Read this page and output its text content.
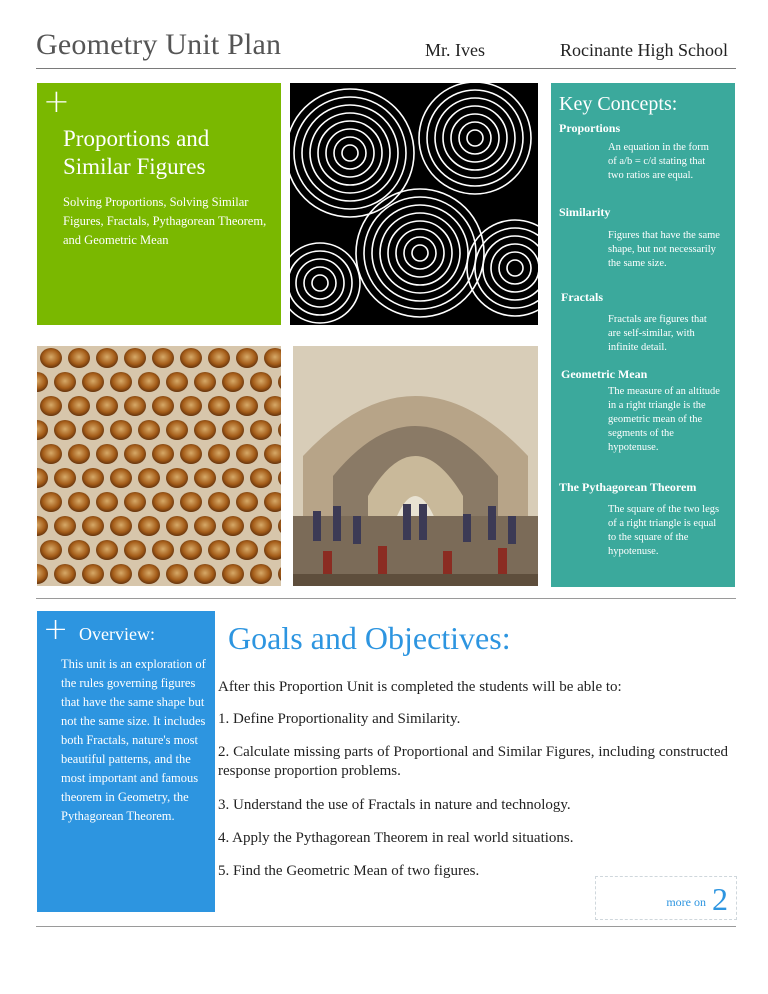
Geometry Unit Plan	Mr. Ives	Rocinante High School
+
Proportions and Similar Figures
Solving Proportions, Solving Similar Figures, Fractals, Pythagorean Theorem, and Geometric Mean
Key Concepts:
Proportions
An equation in the form of a/b = c/d stating that two ratios are equal.
Similarity
Figures that have the same shape, but not necessarily the same size.
Fractals
Fractals are figures that are self-similar, with infinite detail.
Geometric Mean
The measure of an altitude in a right triangle is the geometric mean of the segments of the hypotenuse.
The Pythagorean Theorem
The square of the two legs of a right triangle is equal to the square of the hypotenuse.
+ Overview:
This unit is an exploration of the rules governing figures that have the same shape but not the same size. It includes both Fractals, nature's most beautiful patterns, and the most important and famous theorem in Geometry, the Pythagorean Theorem.
Goals and Objectives:
After this Proportion Unit is completed the students will be able to:
1. Define Proportionality and Similarity.
2. Calculate missing parts of Proportional and Similar Figures, including constructed response proportion problems.
3. Understand the use of Fractals in nature and technology.
4. Apply the Pythagorean Theorem in real world situations.
5. Find the Geometric Mean of two figures.
more on 2
